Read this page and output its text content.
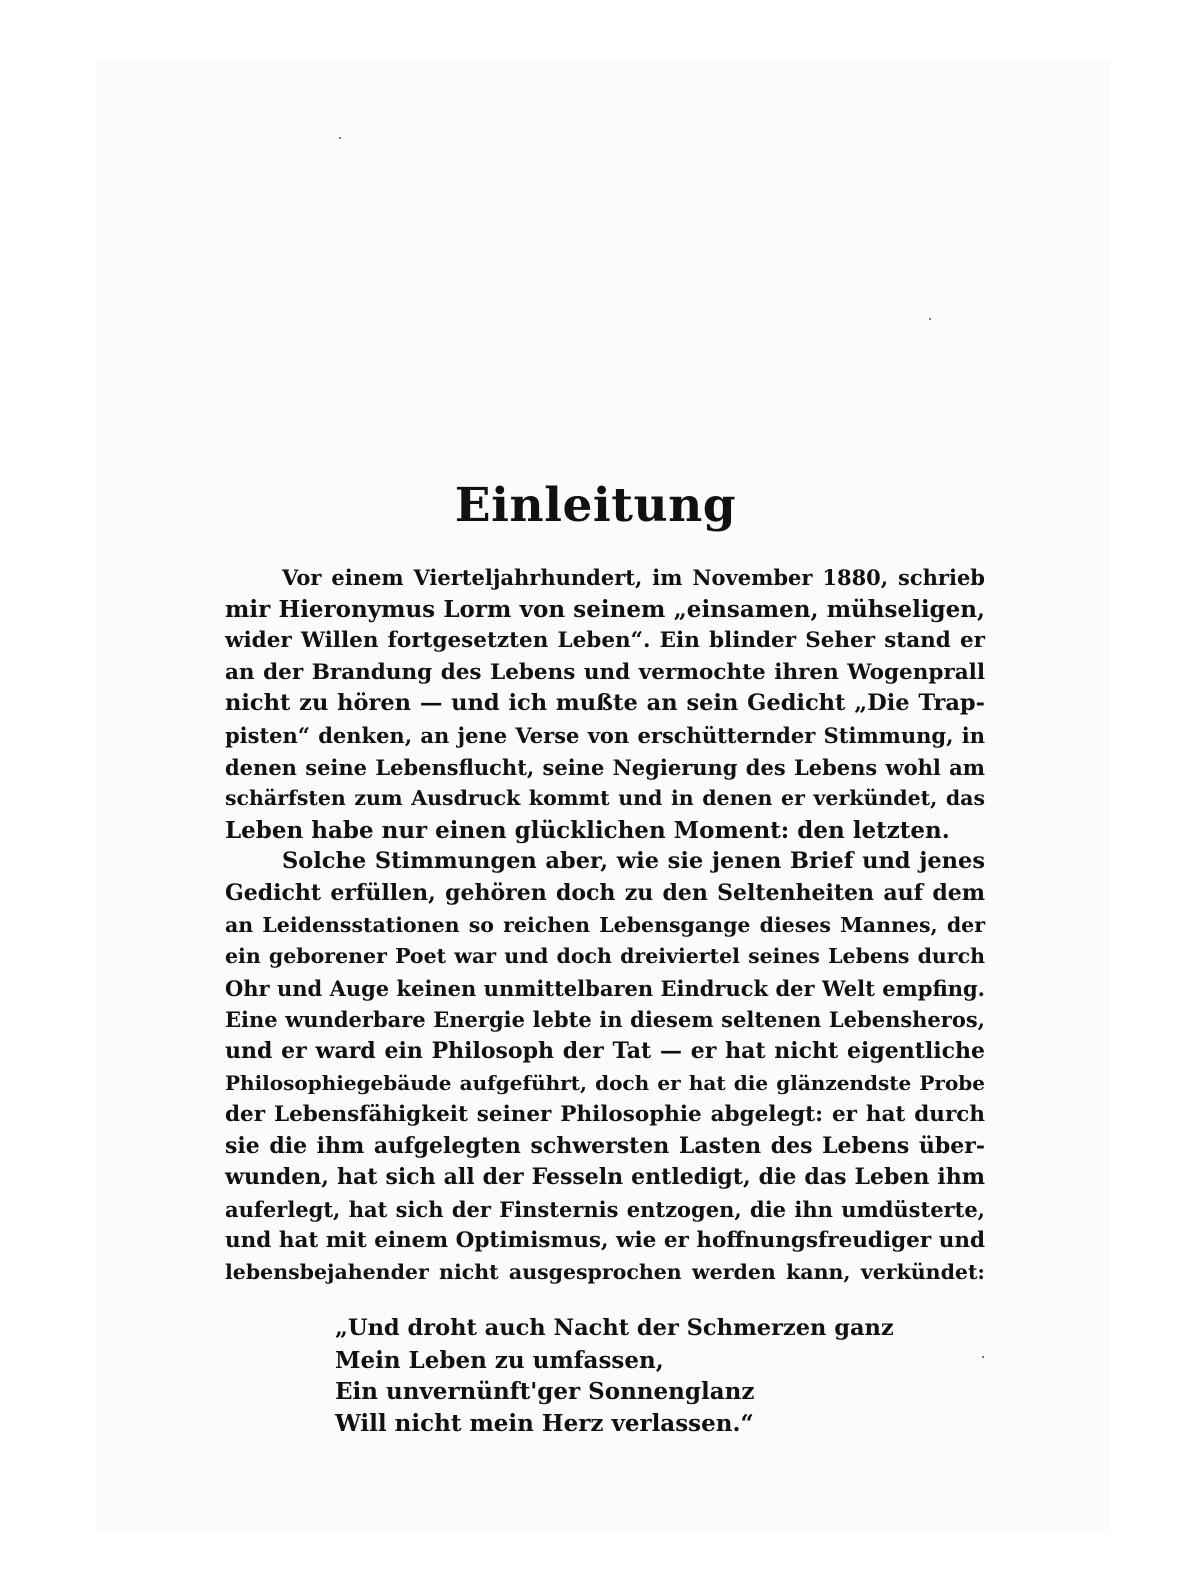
Einleitung
Vor einem Vierteljahrhundert, im November 1880, schrieb
mir Hieronymus Lorm von seinem „einsamen, mühseligen,
wider Willen fortgesetzten Leben“. Ein blinder Seher stand er
an der Brandung des Lebens und vermochte ihren Wogenprall
nicht zu hören — und ich mußte an sein Gedicht „Die Trap-
pisten“ denken, an jene Verse von erschütternder Stimmung, in
denen seine Lebensflucht, seine Negierung des Lebens wohl am
schärfsten zum Ausdruck kommt und in denen er verkündet, das
Leben habe nur einen glücklichen Moment: den letzten.
Solche Stimmungen aber, wie sie jenen Brief und jenes
Gedicht erfüllen, gehören doch zu den Seltenheiten auf dem
an Leidensstationen so reichen Lebensgange dieses Mannes, der
ein geborener Poet war und doch dreiviertel seines Lebens durch
Ohr und Auge keinen unmittelbaren Eindruck der Welt empfing.
Eine wunderbare Energie lebte in diesem seltenen Lebensheros,
und er ward ein Philosoph der Tat — er hat nicht eigentliche
Philosophiegebäude aufgeführt, doch er hat die glänzendste Probe
der Lebensfähigkeit seiner Philosophie abgelegt: er hat durch
sie die ihm aufgelegten schwersten Lasten des Lebens über-
wunden, hat sich all der Fesseln entledigt, die das Leben ihm
auferlegt, hat sich der Finsternis entzogen, die ihn umdüsterte,
und hat mit einem Optimismus, wie er hoffnungsfreudiger und
lebensbejahender nicht ausgesprochen werden kann, verkündet:
„Und droht auch Nacht der Schmerzen ganz
Mein Leben zu umfassen,
Ein unvernünft'ger Sonnenglanz
Will nicht mein Herz verlassen.“
